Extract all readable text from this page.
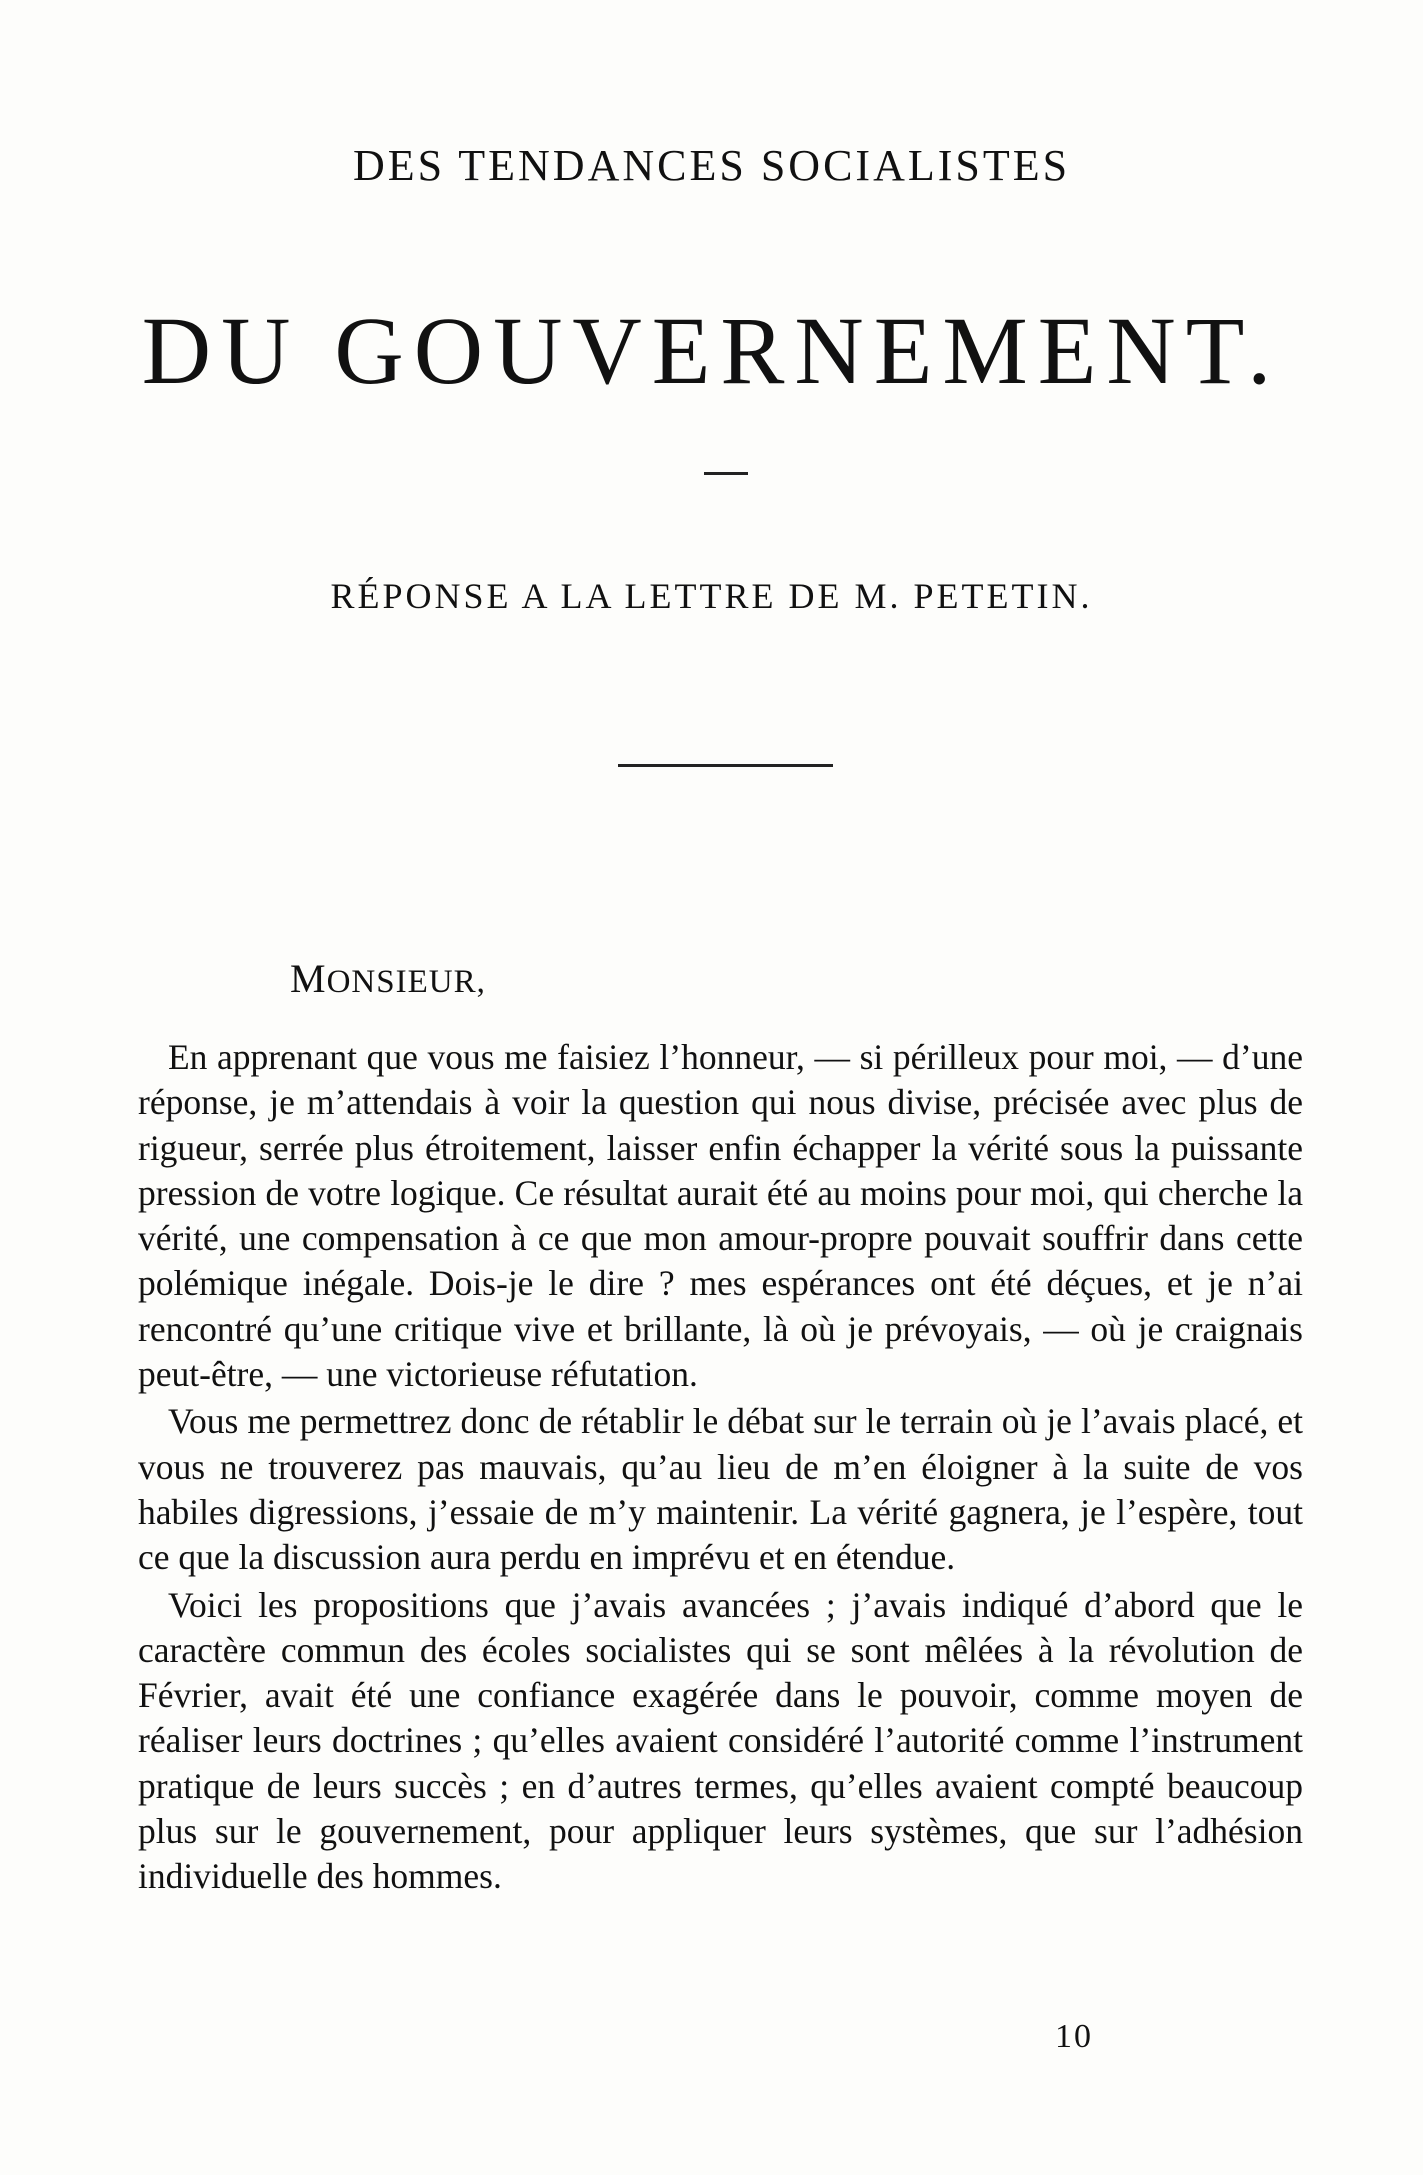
DES TENDANCES SOCIALISTES
DU GOUVERNEMENT.
RÉPONSE A LA LETTRE DE M. PETETIN.
MONSIEUR,

En apprenant que vous me faisiez l’honneur, — si périlleux pour moi, — d’une réponse, je m’attendais à voir la question qui nous divise, précisée avec plus de rigueur, serrée plus étroitement, laisser enfin échapper la vérité sous la puissante pression de votre logique. Ce résultat aurait été au moins pour moi, qui cherche la vérité, une compensation à ce que mon amour-propre pouvait souffrir dans cette polémique inégale. Dois-je le dire ? mes espérances ont été déçues, et je n’ai rencontré qu’une critique vive et brillante, là où je prévoyais, — où je craignais peut-être, — une victorieuse réfutation.

Vous me permettrez donc de rétablir le débat sur le terrain où je l’avais placé, et vous ne trouverez pas mauvais, qu’au lieu de m’en éloigner à la suite de vos habiles digressions, j’essaie de m’y maintenir. La vérité gagnera, je l’espère, tout ce que la discussion aura perdu en imprévu et en étendue.

Voici les propositions que j’avais avancées ; j’avais indiqué d’abord que le caractère commun des écoles socialistes qui se sont mêlées à la révolution de Février, avait été une confiance exagérée dans le pouvoir, comme moyen de réaliser leurs doctrines ; qu’elles avaient considéré l’autorité comme l’instrument pratique de leurs succès ; en d’autres termes, qu’elles avaient compté beaucoup plus sur le gouvernement, pour appliquer leurs systèmes, que sur l’adhésion individuelle des hommes.

10
